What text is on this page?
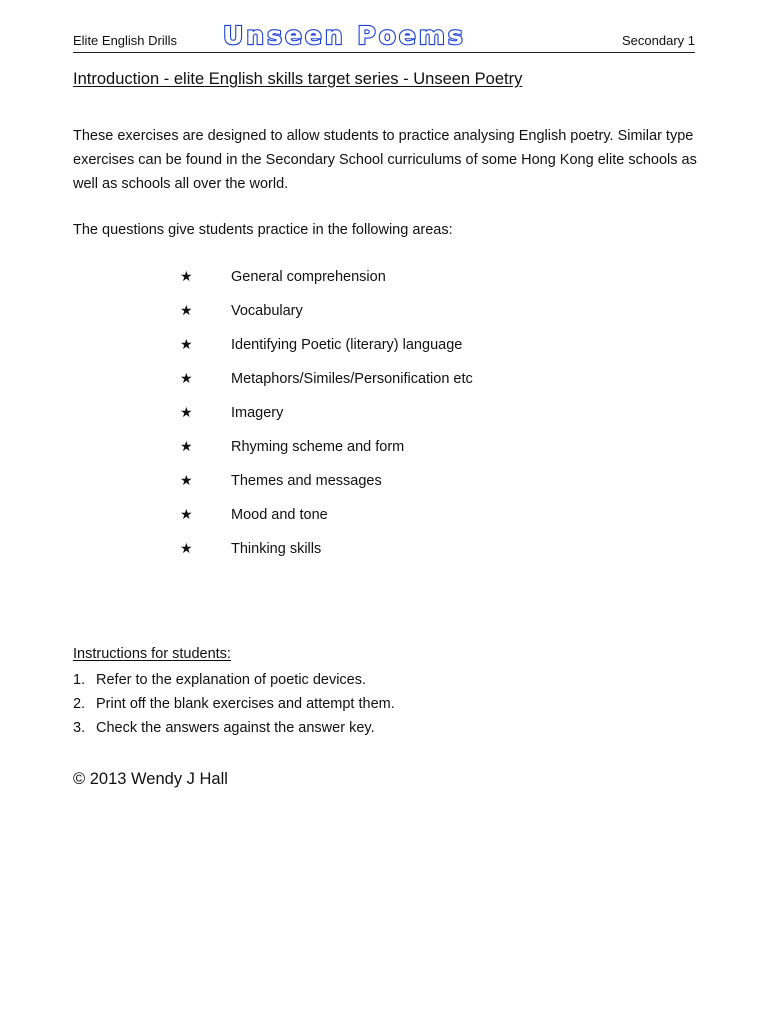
Elite English Drills Unseen Poems	Secondary 1
Introduction - elite English skills target series - Unseen Poetry

These exercises are designed to allow students to practice analysing English poetry. Similar type exercises can be found in the Secondary School curriculums of some Hong Kong elite schools as well as schools all over the world.

The questions give students practice in the following areas:

★	General comprehension
★	Vocabulary
★	Identifying Poetic (literary) language
★	Metaphors/Similes/Personification etc
★	Imagery
★	Rhyming scheme and form
★	Themes and messages
★	Mood and tone
★	Thinking skills
Instructions for students:
1. Refer to the explanation of poetic devices.
2. Print off the blank exercises and attempt them.
3. Check the answers against the answer key.
© 2013 Wendy J Hall
